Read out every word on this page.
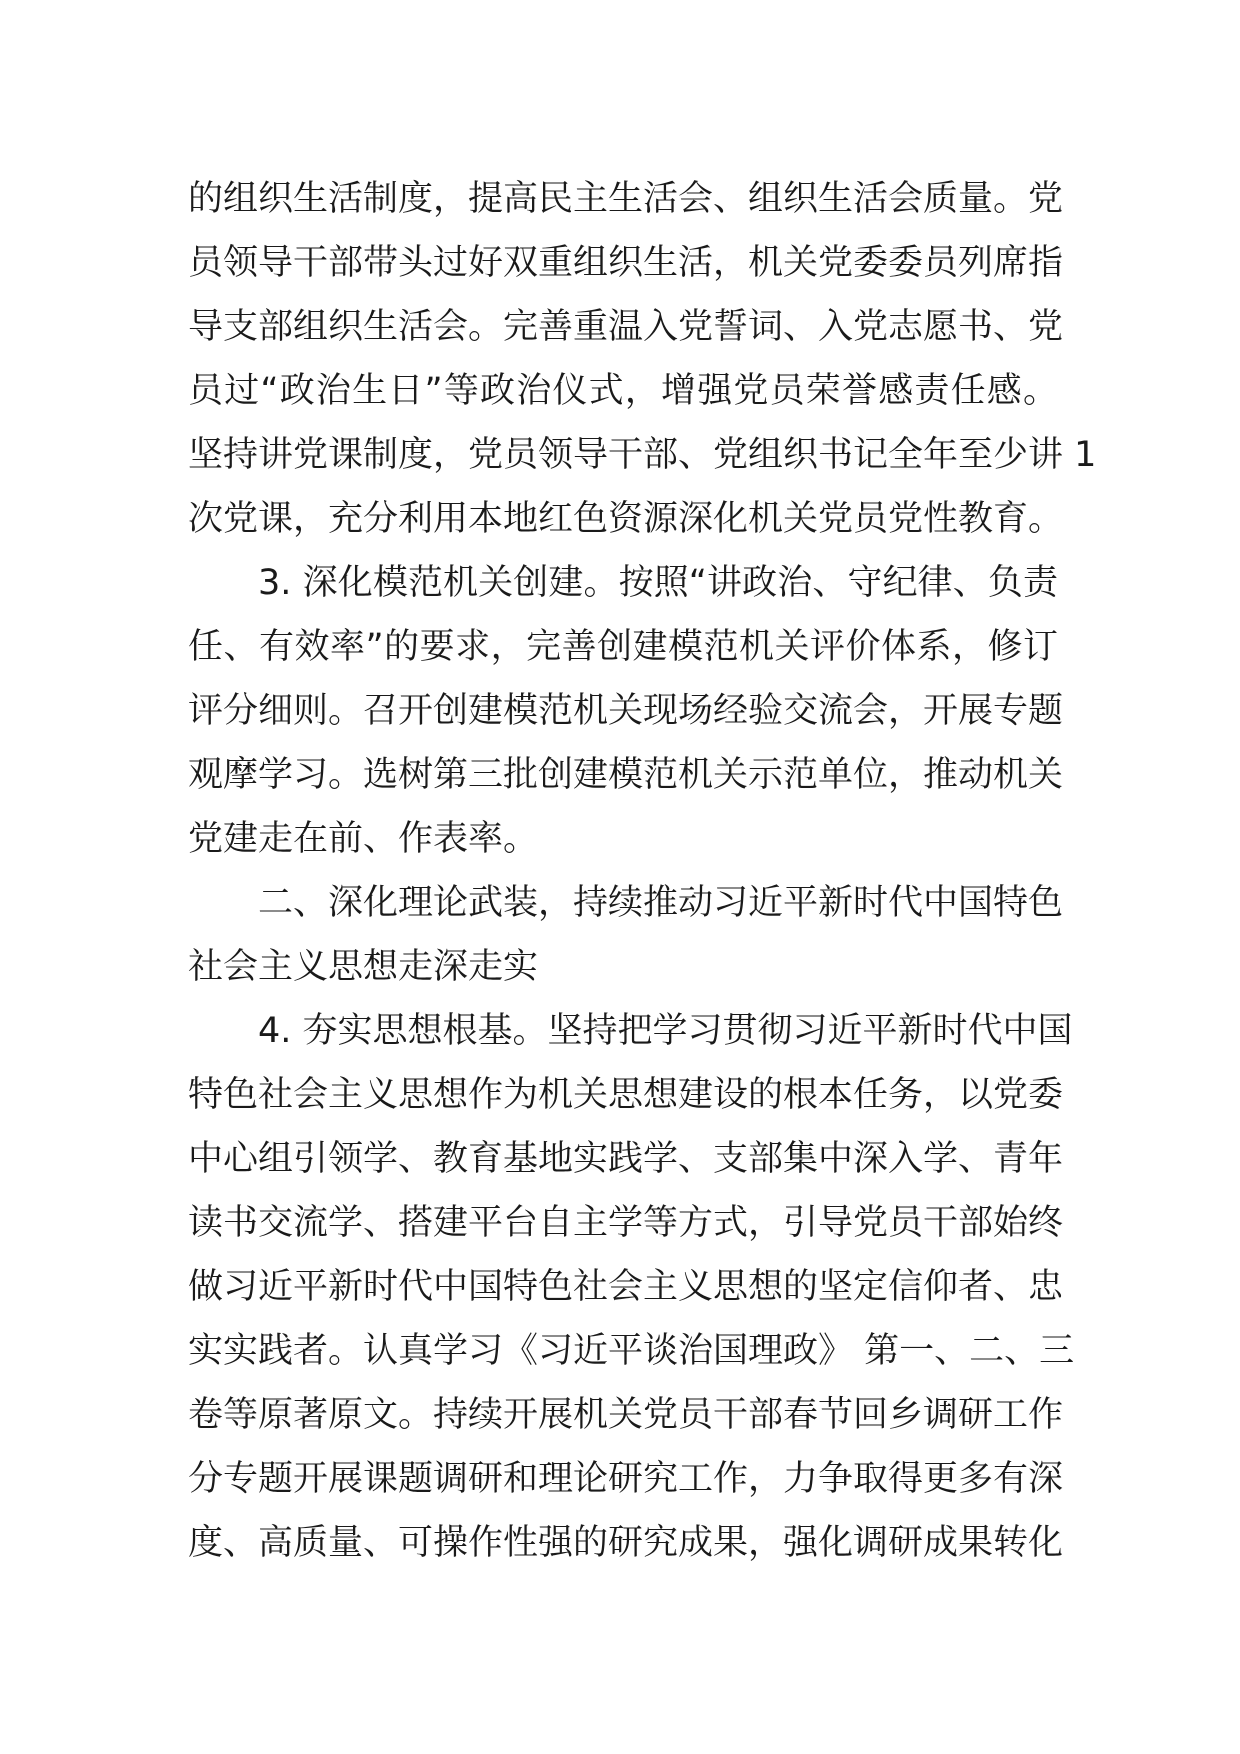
的组织生活制度，提高民主生活会、组织生活会质量。党
员领导干部带头过好双重组织生活，机关党委委员列席指
导支部组织生活会。完善重温入党誓词、入党志愿书、党
员过“政治生日”等政治仪式，增强党员荣誉感责任感。
坚持讲党课制度，党员领导干部、党组织书记全年至少讲 1
次党课，充分利用本地红色资源深化机关党员党性教育。
3. 深化模范机关创建。按照“讲政治、守纪律、负责
任、有效率”的要求，完善创建模范机关评价体系，修订
评分细则。召开创建模范机关现场经验交流会，开展专题
观摩学习。选树第三批创建模范机关示范单位，推动机关
党建走在前、作表率。
二、深化理论武装，持续推动习近平新时代中国特色
社会主义思想走深走实
4. 夯实思想根基。坚持把学习贯彻习近平新时代中国
特色社会主义思想作为机关思想建设的根本任务，以党委
中心组引领学、教育基地实践学、支部集中深入学、青年
读书交流学、搭建平台自主学等方式，引导党员干部始终
做习近平新时代中国特色社会主义思想的坚定信仰者、忠
实实践者。认真学习《习近平谈治国理政》 第一、二、三
卷等原著原文。持续开展机关党员干部春节回乡调研工作
分专题开展课题调研和理论研究工作，力争取得更多有深
度、高质量、可操作性强的研究成果，强化调研成果转化
